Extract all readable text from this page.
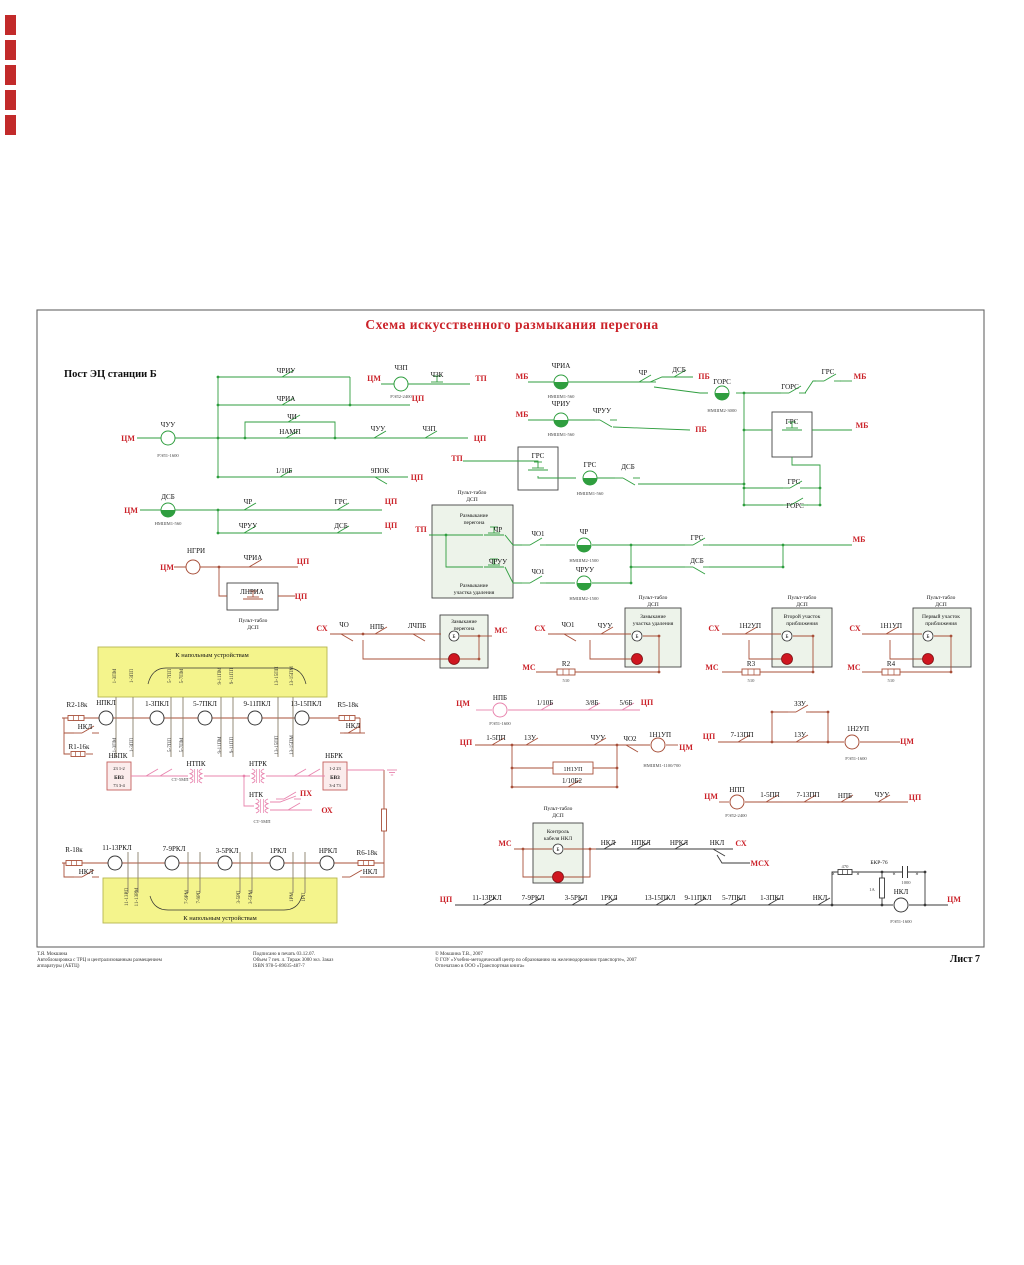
Схема искусственного размыкания перегона
Пост ЭЦ станции Б
Б	Б	Б	Б
Б
ЧРИУ
ЧРИА
ЧИ
НАМП
ЧУУ
РЭЛ1-1600
ЦМ
1/10Б	9ПОК
ЦП
ЦП
ЦП
ЦМ
ЧЗП
РЭЛ2-2400
ЧЗК	ТП
ЧУУ	ЧЗП
МБ
ЧРИА
НМШМ1-560
ЧР	ДСБ
ПБ
ГОРС
НМШМ2-3000
ГОРС
ГРС МБ
МБ
ЧРИУ
НМШМ1-560
ЧРУУ
ПБ
ГРС	МБ
ТП	ГРС
ГРС
НМШМ1-560
ДСБ
ГРС
ГОРС
ЦМ
ДСБ
НМШМ1-560
ЧР	ГРС	ЦП
ЧРУУ	ДСБ	ЦП ТП
Пульт-табло
ДСП
Размыкание
перегона
ЧР
ЧРУУ
Размыкание
участка удаления
ЦМ
НГРИ
ЧРИА	ЦП
ЛНРИА	ЦП
Пульт-табло
ДСП
ЧО1	ЧР
НМШМ2-1500
ГРС
ДСБ
МБ
ЧО1	ЧРУУ
НМШМ2-1500
СХ ЧО	НПБ	ЛЧПБ	Замыкание
перегона МС	СХ ЧО1	ЧУУ
Пульт-табло
ДСП
Замыкание
участка удаления
МС	R2
510
СХ	1Н2УП
Пульт-табло
ДСП
Второй участок
приближения
МС	R3
510
СХ	1Н1УП
Пульт-табло
ДСП
Первый участок
приближения
МС	R4
510
ЦМ
НПБ
РЭЛ1-1600
1/10Б	3/8Б	5/6Б ЦП
ЦП 1-5ПП	13У	ЧУУ	ЧО2 1Н1УП
НМШМ1-1100/700
ЦМ
1Н1УП
1/10Б2
ЦП 7-13ПП
ЗЗУ
13У
1Н2УП
РЭЛ1-1600
ЦМ
ЦМ
НПП
РЭЛ2-2400
1-5ПП 7-13ПП	НПБ	ЧУУ ЦП
К напольным устройствам
1-3ПМ 1-3ПП	5-7ПП 5-7ПМ	9-11ПМ 9-11ПП	13-15ПП 13-15ПМ
R2-18к НПКЛ
НКЛ
R1-16к
1-3ПКЛ	5-7ПКЛ	9-11ПКЛ	13-15ПКЛ R5-18к
НКЛ
1-3ПМ 1-3ПП	5-7ПП 5-7ПМ	9-11ПМ 9-11ПП	13-15ПП 13-15ПМ
НБПК
23 1-2
БВЗ
73 3-4
НТПК
СТ-5МП
НТРК
НТК
СТ-5МП
НБРК
1-2 23
БВЗ
3-4 73
ПХ
ОХ
R-18к
НКЛ
11-13РКЛ	7-9РКЛ	3-5РКЛ	1РКЛ	НРКЛ	R6-18к
НКЛ
11-13РП 11-13РМ	7-9РМ 7-9РП	3-5РП 3-5РМ	1РМ 1РП
К напольным устройствам
Пульт-табло
ДСП
Контроль
кабеля НКЛ
МС	НКЛ НПКЛ	НРКЛ	НКЛ СХ
МСХ
ЦП	11-13РКЛ	7-9РКЛ	3-5РКЛ 1РКЛ	13-15ПКЛ 9-11ПКЛ 5-7ПКЛ 1-3ПКЛ	НКЛ
470
БКР-76
1А
1000
«	»
«	»
НКЛ
РЭЛ1-1600
ЦМ
Т.Я. Мокшина
Автоблокировка с ТРЦ и централизованным размещением
аппаратуры (АБТЦ)
Подписано в печать 03.12.07.
Объем 7 печ. л. Тираж 3000 экз. Заказ
ISBN 978-5-89035-487-7
© Мокшина Т.В., 2007
© ГОУ «Учебно-методический центр по образованию на железнодорожном транспорте», 2007
Отпечатано в ООО «Транспортная книга»
Лист 7
